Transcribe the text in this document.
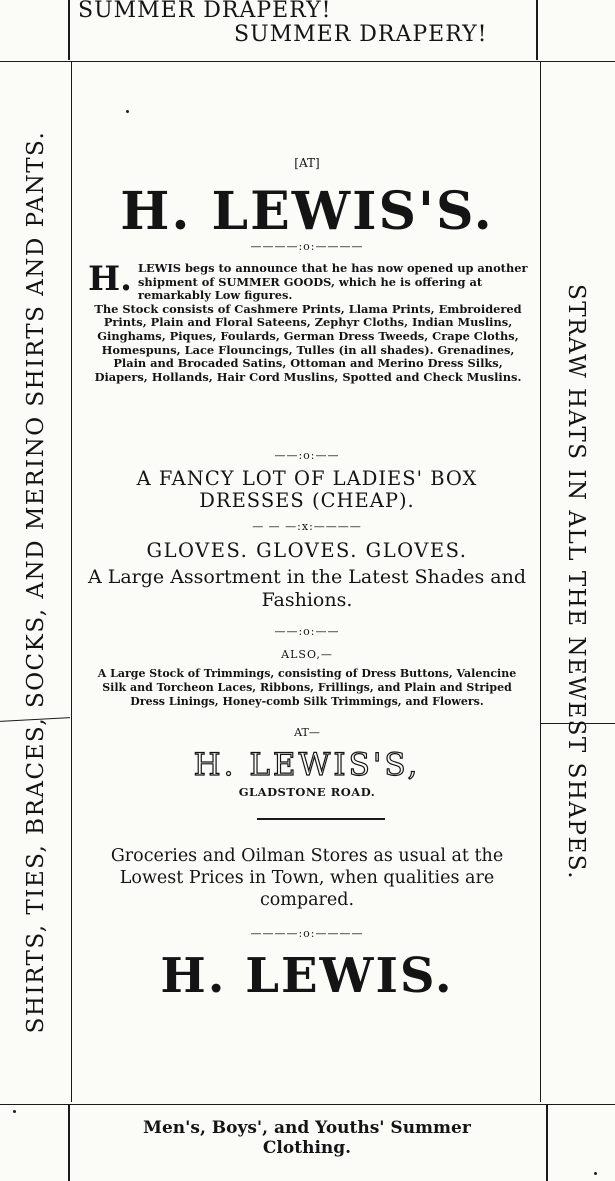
SUMMER DRAPERY!
SUMMER DRAPERY!
SHIRTS, TIES, BRACES, SOCKS, AND MERINO SHIRTS AND PANTS.	STRAW HATS IN ALL THE NEWEST SHAPES.
[AT]
H. LEWIS'S.
————:o:————
H. LEWIS begs to announce that he has now opened up another shipment of SUMMER GOODS, which he is offering at remarkably Low figures.
The Stock consists of Cashmere Prints, Llama Prints, Embroidered Prints, Plain and Floral Sateens, Zephyr Cloths, Indian Muslins, Ginghams, Piques, Foulards, German Dress Tweeds, Crape Cloths, Homespuns, Lace Flouncings, Tulles (in all shades). Grenadines, Plain and Brocaded Satins, Ottoman and Merino Dress Silks, Diapers, Hollands, Hair Cord Muslins, Spotted and Check Muslins.
——:o:——
A FANCY LOT OF LADIES' BOX
DRESSES (CHEAP).
— — —:x:————
GLOVES. GLOVES. GLOVES.
A Large Assortment in the Latest Shades and Fashions.
——:o:——
ALSO,—
A Large Stock of Trimmings, consisting of Dress Buttons, Valencine Silk and Torcheon Laces, Ribbons, Frillings, and Plain and Striped Dress Linings, Honey-comb Silk Trimmings, and Flowers.
AT—
H. LEWIS'S,
GLADSTONE ROAD.
Groceries and Oilman Stores as usual at the Lowest Prices in Town, when qualities are compared.
————:o:————
H. LEWIS.
Men's, Boys', and Youths' Summer
Clothing.
